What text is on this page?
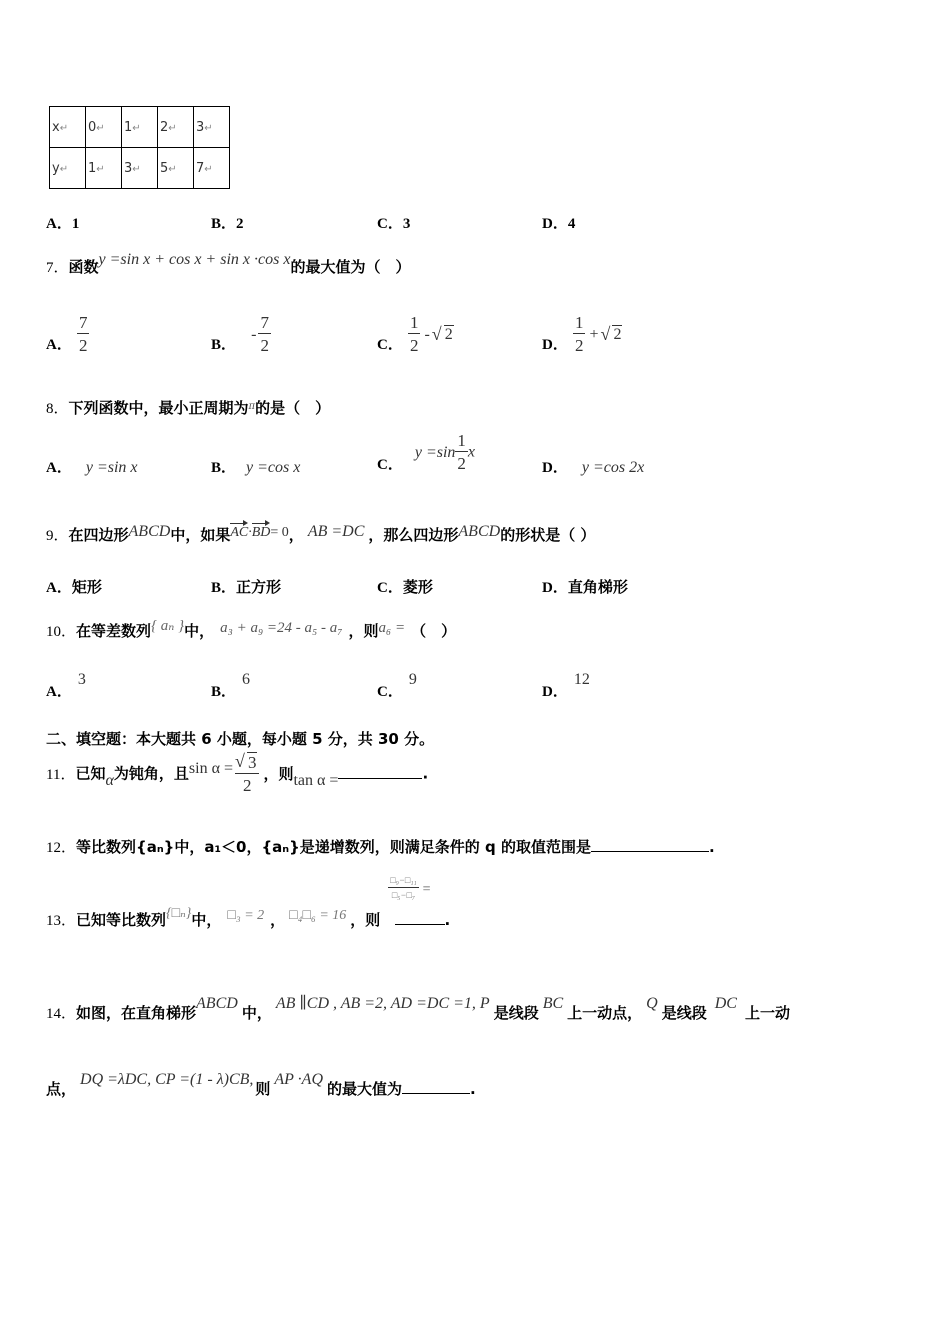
x↵	0↵	1↵	2↵	3↵
y↵	1↵	3↵	5↵	7↵
A．1	B．2	C．3	D．4
7．函数y =sin x + cos x + sin x ·cos x的最大值为（　）
A． $\frac{7}{2}$	B． - $\frac{7}{2}$	C． $\frac{1}{2}$ - √ 2
D． $\frac{1}{2}$ + √ 2
8．下列函数中，最小正周期为$^\pi$的是（　）
A． y =sin x	B． y =cos x	C．$y =\sin \frac{1}{2}$ x
D． y =cos 2x
9．在四边形ABCD中，如果AC·BD= 0， AB =DC ，那么四边形ABCD的形状是（ ）
A．矩形	B．正方形	C．菱形	D．直角梯形
10．在等差数列{ aₙ }中， a₃ + a₉ =24 - a₅ - a₇ ，则a₆ = （　）
A．3
B．6
C．9
D．12
二、填空题：本大题共 6 小题，每小题 5 分，共 30 分。
11．已知α为钝角，且sin α = √ $\frac{3}{2}$ ，则tan α =	.
12．等比数列{aₙ}中，a₁＜0，{aₙ}是递增数列，则满足条件的 q 的取值范围是	.
13．已知等比数列{□ₙ}中， □₃ = 2 ， □₄□₆ = 16 ，则
$\frac{\text{□₉−□₁₁}}{\text{□₅−□₇}}$ =.
14．如图，在直角梯形ABCD中，AB ∥CD , AB =2, AD =DC =1, P是线段BC上一动点，Q是线段DC上一动
点，DQ =λDC, CP =(1 - λ)CB,则AP ·AQ的最大值为	.
